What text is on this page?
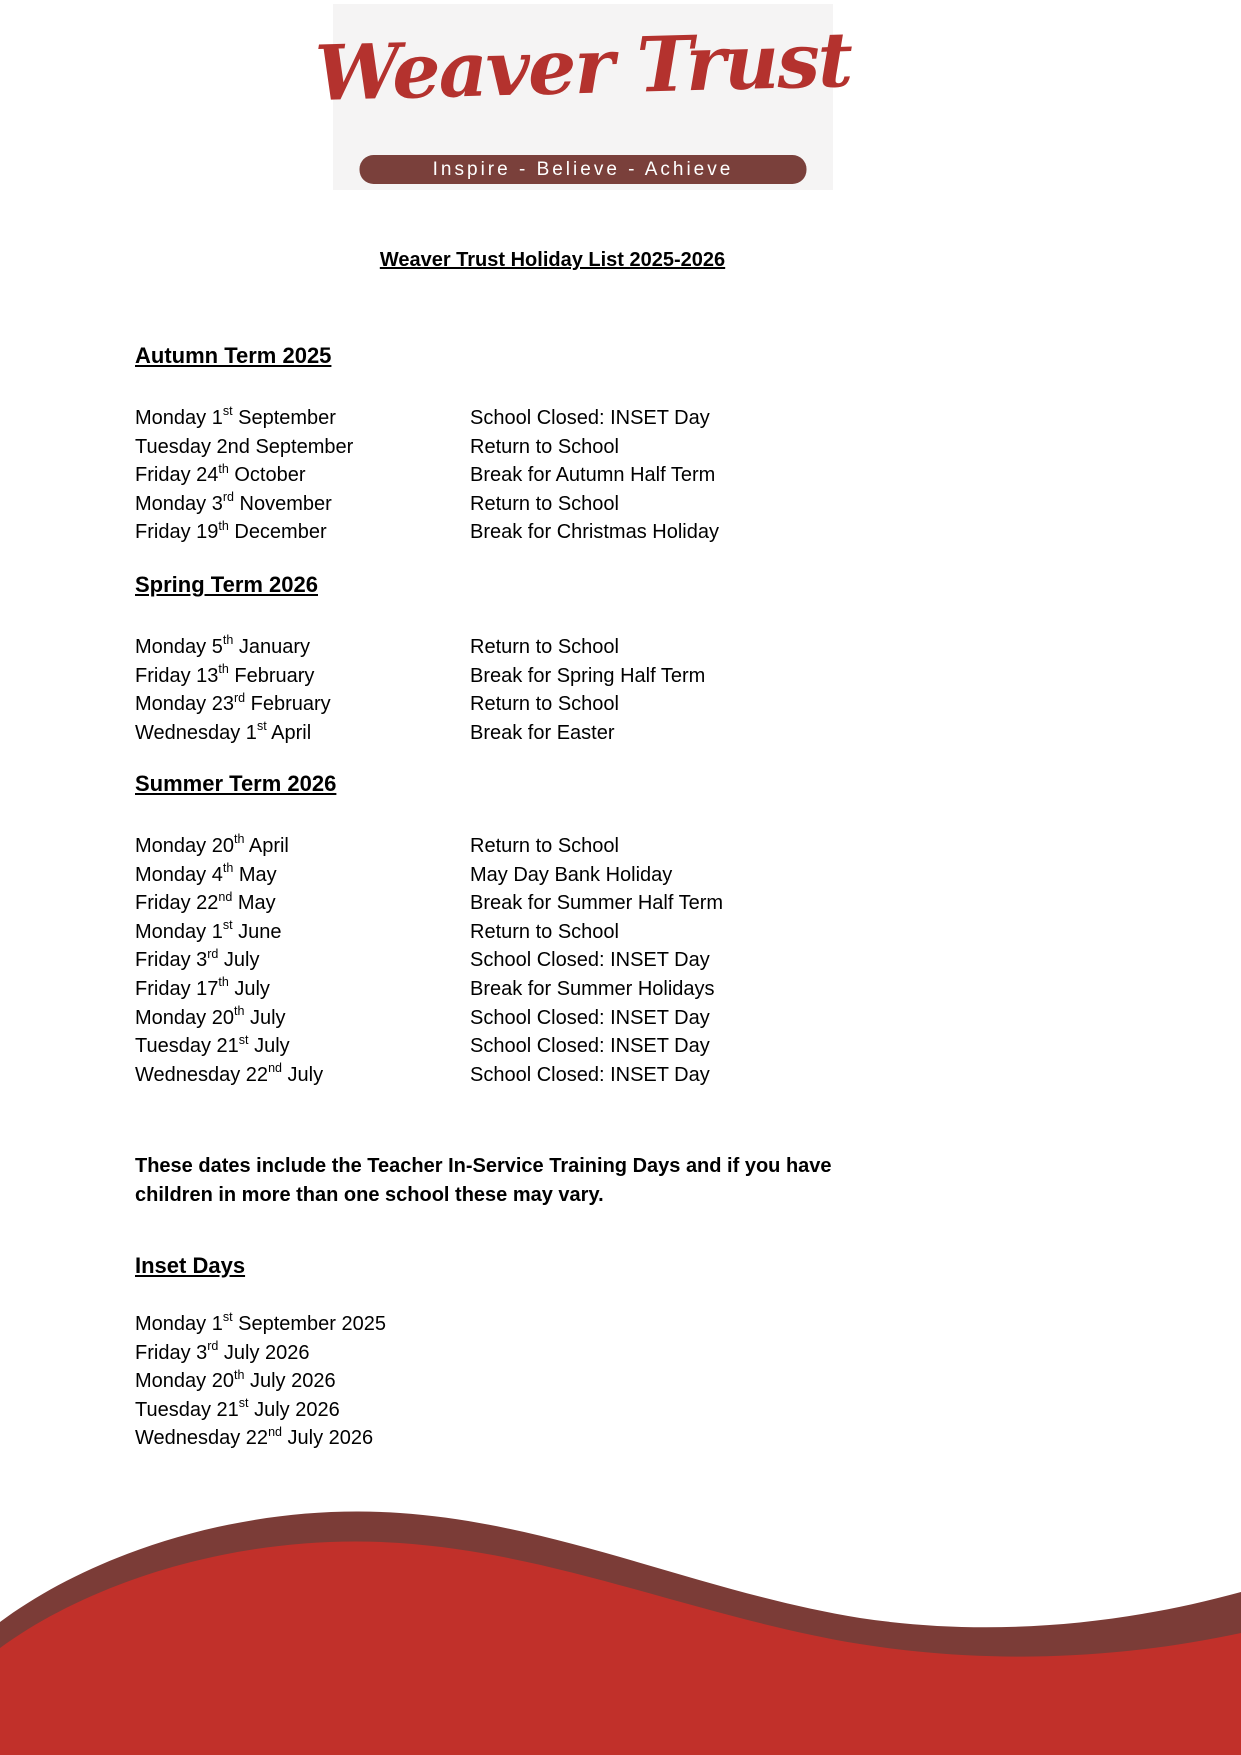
Weaver Trust
Inspire - Believe - Achieve
Weaver Trust Holiday List 2025-2026
Autumn Term 2025
Monday 1st September	School Closed: INSET Day
Tuesday 2nd September	Return to School
Friday 24th October	Break for Autumn Half Term
Monday 3rd November	Return to School
Friday 19th December	Break for Christmas Holiday
Spring Term 2026
Monday 5th January	Return to School
Friday 13th February	Break for Spring Half Term
Monday 23rd February	Return to School
Wednesday 1st April	Break for Easter
Summer Term 2026
Monday 20th April	Return to School
Monday 4th May	May Day Bank Holiday
Friday 22nd May	Break for Summer Half Term
Monday 1st June	Return to School
Friday 3rd July	School Closed: INSET Day
Friday 17th July	Break for Summer Holidays
Monday 20th July	School Closed: INSET Day
Tuesday 21st July	School Closed: INSET Day
Wednesday 22nd July	School Closed: INSET Day
These dates include the Teacher In-Service Training Days and if you have
children in more than one school these may vary.
Inset Days
Monday 1st September 2025
Friday 3rd July 2026
Monday 20th July 2026
Tuesday 21st July 2026
Wednesday 22nd July 2026
